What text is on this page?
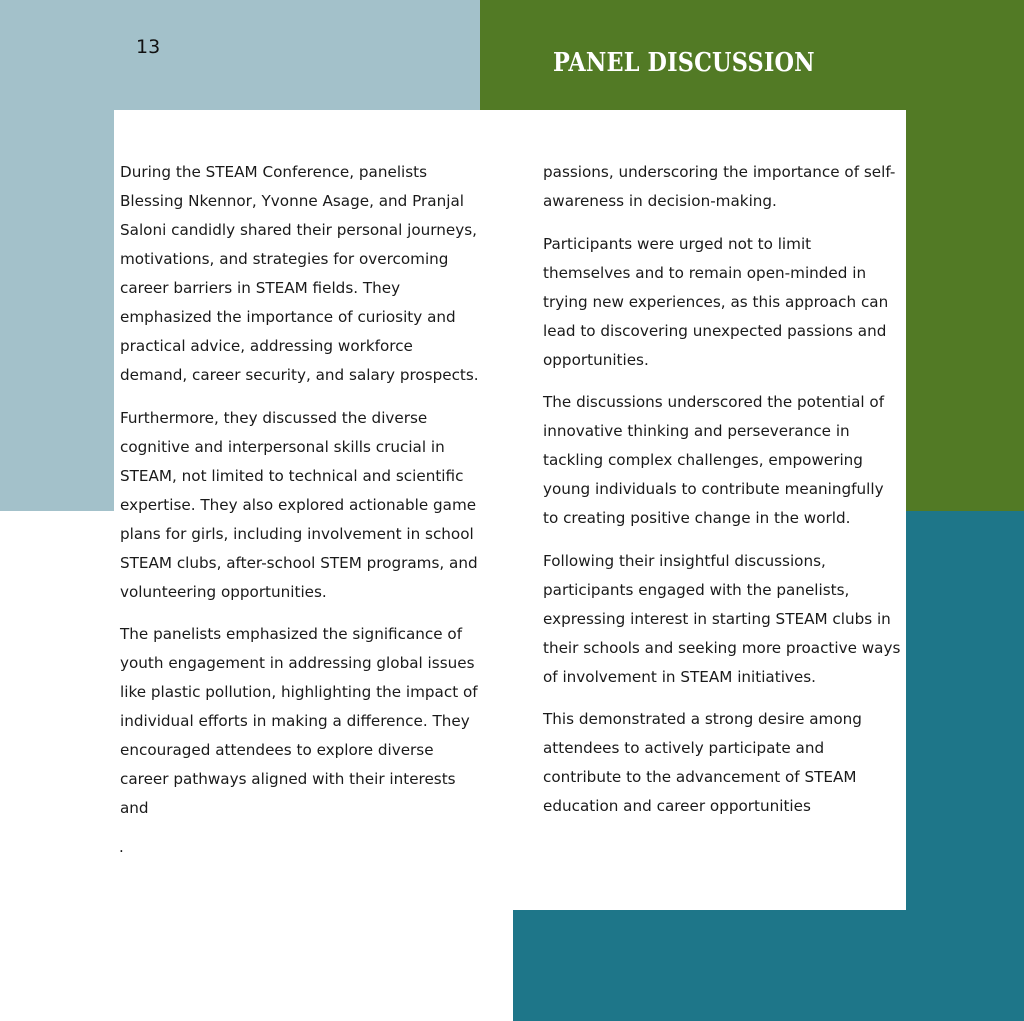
13
PANEL DISCUSSION

During the STEAM Conference, panelists Blessing Nkennor, Yvonne Asage, and Pranjal Saloni candidly shared their personal journeys, motivations, and strategies for overcoming career barriers in STEAM fields. They emphasized the importance of curiosity and practical advice, addressing workforce demand, career security, and salary prospects.

Furthermore, they discussed the diverse cognitive and interpersonal skills crucial in STEAM, not limited to technical and scientific expertise. They also explored actionable game plans for girls, including involvement in school STEAM clubs, after-school STEM programs, and volunteering opportunities.

The panelists emphasized the significance of youth engagement in addressing global issues like plastic pollution, highlighting the impact of individual efforts in making a difference. They encouraged attendees to explore diverse career pathways aligned with their interests and

passions, underscoring the importance of self-awareness in decision-making.

Participants were urged not to limit themselves and to remain open-minded in trying new experiences, as this approach can lead to discovering unexpected passions and opportunities.

The discussions underscored the potential of innovative thinking and perseverance in tackling complex challenges, empowering young individuals to contribute meaningfully to creating positive change in the world.

Following their insightful discussions, participants engaged with the panelists, expressing interest in starting STEAM clubs in their schools and seeking more proactive ways of involvement in STEAM initiatives.

This demonstrated a strong desire among attendees to actively participate and contribute to the advancement of STEAM education and career opportunities

.
